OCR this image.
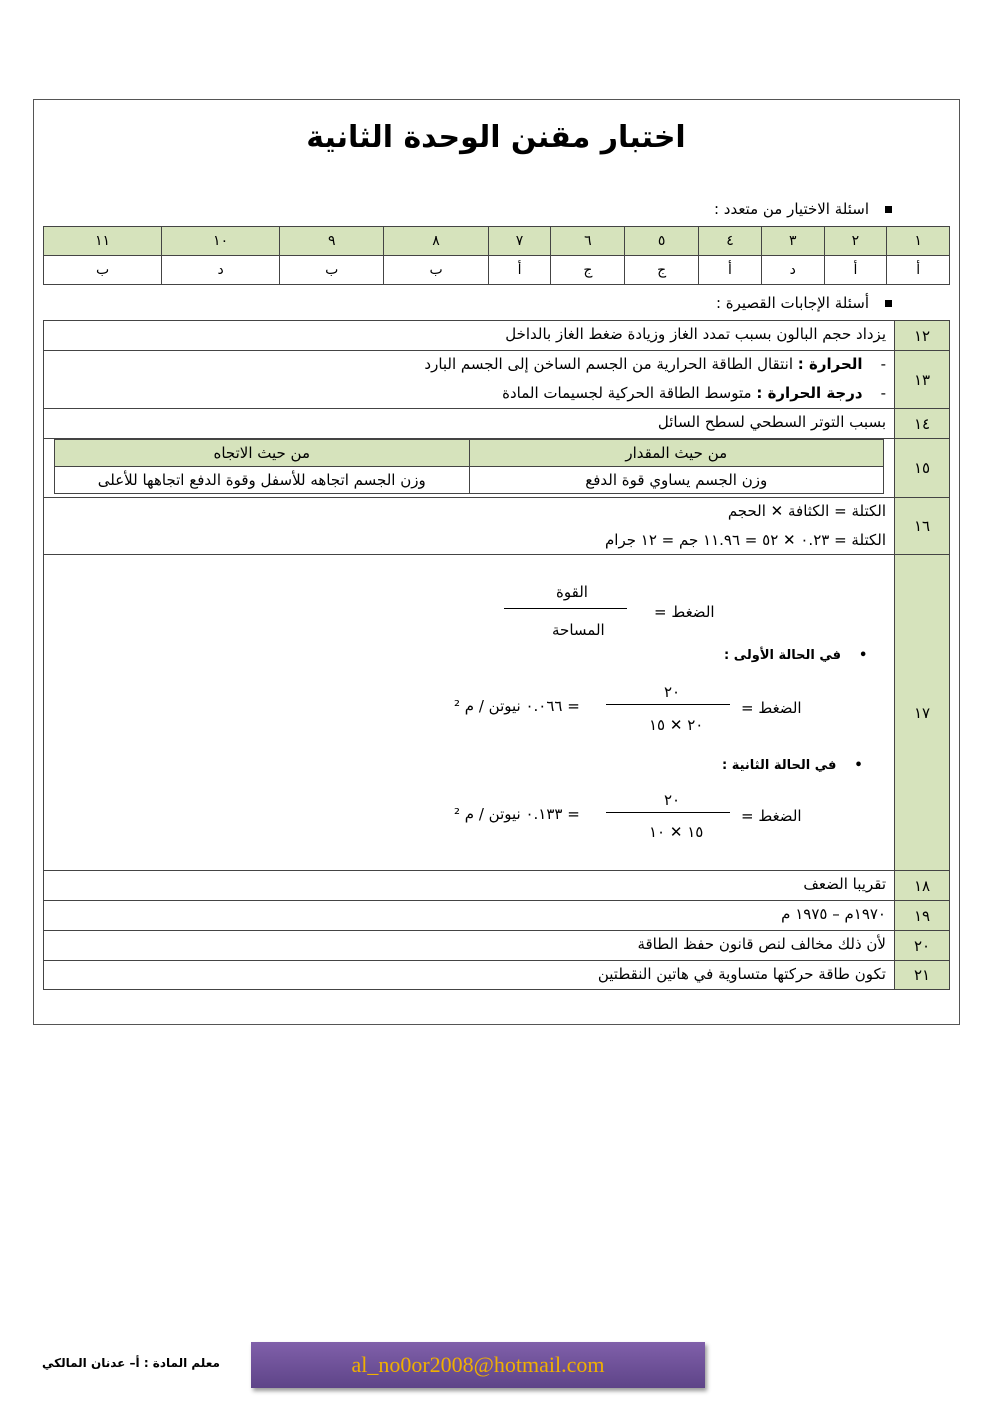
اختبار مقنن الوحدة الثانية
اسئلة الاختيار من متعدد :
١	٢	٣	٤	٥	٦	٧	٨	٩	١٠	١١
أ	أ	د	أ	ج	ج	أ	ب	ب	د	ب
أسئلة الإجابات القصيرة :
١٢
يزداد حجم البالون بسبب تمدد الغاز وزيادة ضغط الغاز بالداخل
١٣
-الحرارة : انتقال الطاقة الحرارية من الجسم الساخن إلى الجسم البارد
-درجة الحرارة : متوسط الطاقة الحركية لجسيمات المادة
١٤
بسبب التوتر السطحي لسطح السائل
١٥
من حيث المقدار	من حيث الاتجاه
وزن الجسم يساوي قوة الدفع	وزن الجسم اتجاهه للأسفل وقوة الدفع اتجاهها للأعلى
١٦
الكتلة = الكثافة ✕ الحجم
الكتلة = ٠.٢٣ ✕ ٥٢ = ١١.٩٦ جم = ١٢ جرام
١٧
الضغط =
القوة
المساحة
•في الحالة الأولى :
الضغط =
٢٠
٢٠ ✕ ١٥
= ٠.٠٦٦ نيوتن / م ²
•في الحالة الثانية :
الضغط =
٢٠
١٥ ✕ ١٠
= ٠.١٣٣ نيوتن / م ²
١٨
تقريبا الضعف
١٩
١٩٧٠م – ١٩٧٥ م
٢٠
لأن ذلك مخالف لنص قانون حفظ الطاقة
٢١
تكون طاقة حركتها متساوية في هاتين النقطتين
معلم المادة : أ– عدنان المالكي	al_no0or2008@hotmail.com
